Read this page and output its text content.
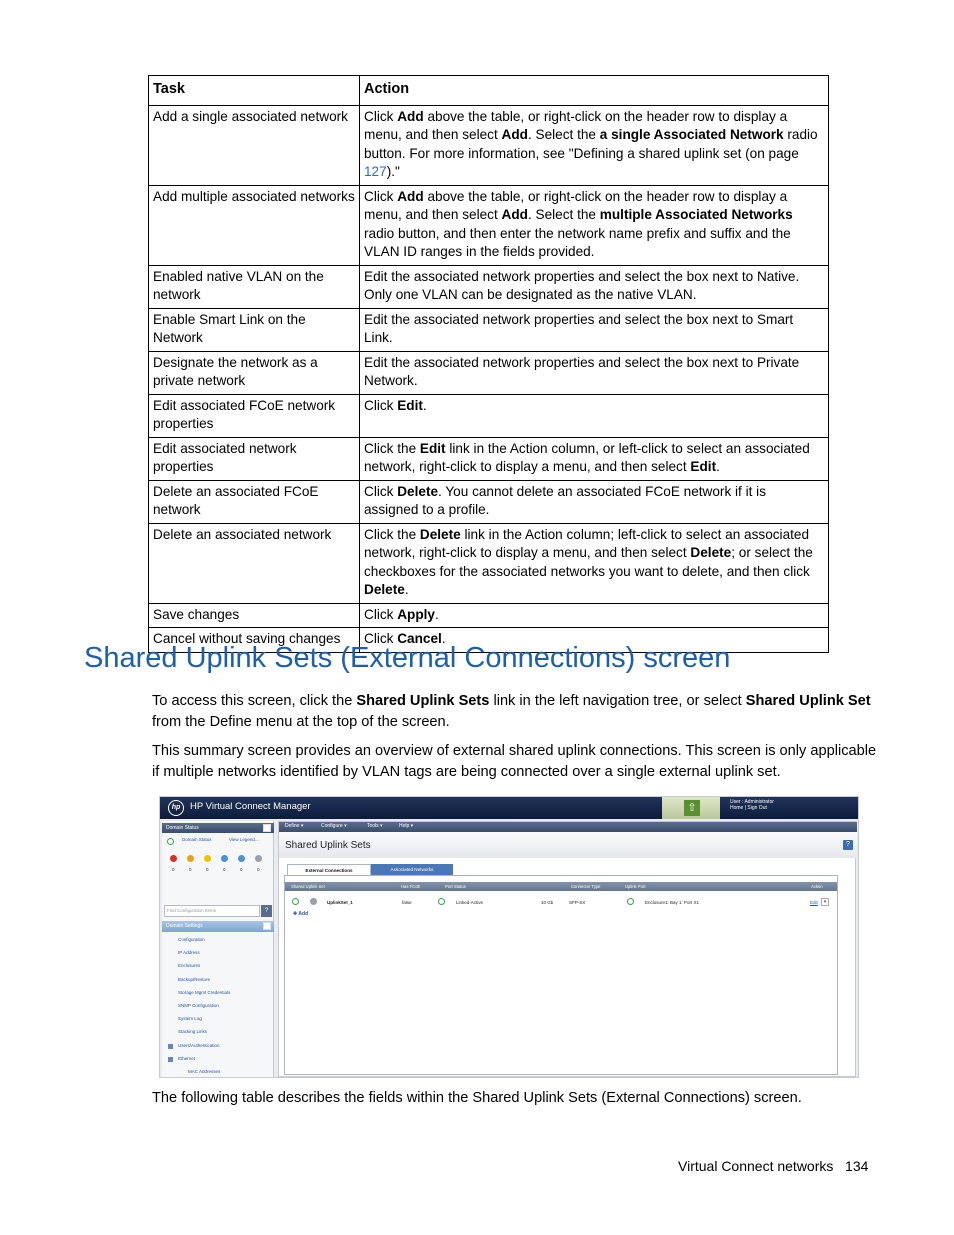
Task	Action
Add a single associated network	Click Add above the table, or right-click on the header row to display a menu, and then select Add. Select the a single Associated Network radio button. For more information, see "Defining a shared uplink set (on page 127)."
Add multiple associated networks	Click Add above the table, or right-click on the header row to display a menu, and then select Add. Select the multiple Associated Networks radio button, and then enter the network name prefix and suffix and the VLAN ID ranges in the fields provided.
Enabled native VLAN on the network	Edit the associated network properties and select the box next to Native. Only one VLAN can be designated as the native VLAN.
Enable Smart Link on the Network	Edit the associated network properties and select the box next to Smart Link.
Designate the network as a private network	Edit the associated network properties and select the box next to Private Network.
Edit associated FCoE network properties	Click Edit.
Edit associated network properties	Click the Edit link in the Action column, or left-click to select an associated network, right-click to display a menu, and then select Edit.
Delete an associated FCoE network	Click Delete. You cannot delete an associated FCoE network if it is assigned to a profile.
Delete an associated network	Click the Delete link in the Action column; left-click to select an associated network, right-click to display a menu, and then select Delete; or select the checkboxes for the associated networks you want to delete, and then click Delete.
Save changes	Click Apply.
Cancel without saving changes	Click Cancel.
Shared Uplink Sets (External Connections) screen

To access this screen, click the Shared Uplink Sets link in the left navigation tree, or select Shared Uplink Set from the Define menu at the top of the screen.

This summary screen provides an overview of external shared uplink connections. This screen is only applicable if multiple networks identified by VLAN tags are being connected over a single external uplink set.

hp	HP Virtual Connect Manager	⇧	User : Administrator
Home | Sign Out
Domain Status
Domain Status	View Legend...
0	0	0	0	0	0
Find Configuration Items	?
Domain Settings
Configuration
IP Address
Enclosures
Backup/Restore
Storage Mgmt Credentials
SNMP Configuration
System Log
Stacking Links
Users/Authentication
Ethernet
MAC Addresses
Define ▾	Configure ▾	Tools ▾	Help ▾
Shared Uplink Sets	?
External Connections	Associated Networks
Shared Uplink Set	Has FCoE	Port Status	Connector Type	Uplink Port	Action
UplinkSet_1	false	Linked-Active	10 Gb	SFP-SX	Enclosure1: Bay 1: Port X1	Edit	▾
✚ Add

The following table describes the fields within the Shared Uplink Sets (External Connections) screen.

Virtual Connect networks 134
